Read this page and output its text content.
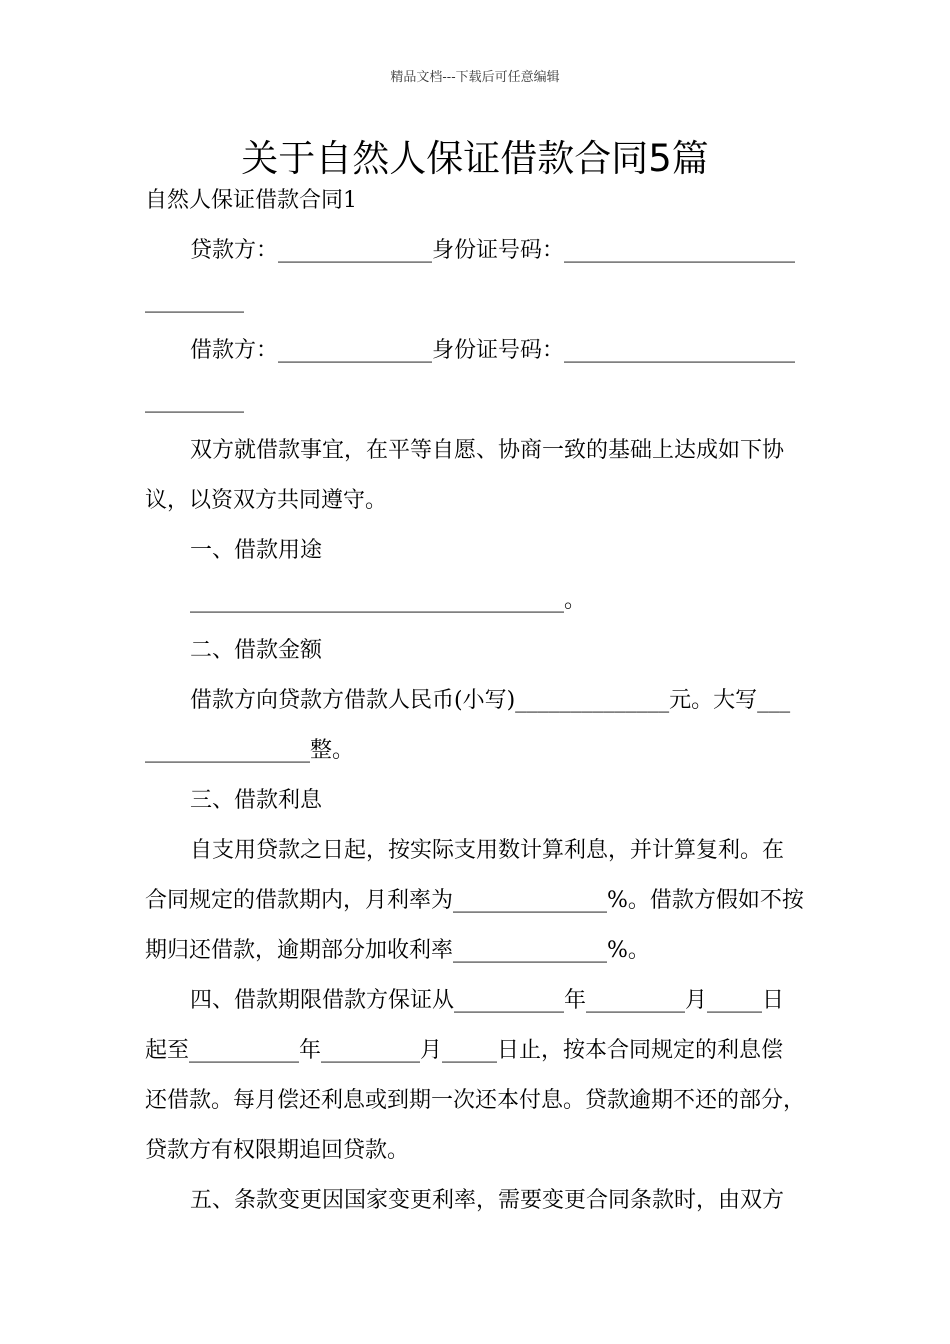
精品文档---下载后可任意编辑
关于自然人保证借款合同5篇
自然人保证借款合同1
贷款方：______________身份证号码：_____________________
_________
借款方：______________身份证号码：_____________________
_________
双方就借款事宜，在平等自愿、协商一致的基础上达成如下协
议，以资双方共同遵守。
一、借款用途
__________________________________。
二、借款金额
借款方向贷款方借款人民币(小写)______________元。大写___
_______________整。
三、借款利息
自支用贷款之日起，按实际支用数计算利息，并计算复利。在
合同规定的借款期内，月利率为______________%。借款方假如不按
期归还借款，逾期部分加收利率______________%。
四、借款期限借款方保证从__________年_________月_____日
起至__________年_________月_____日止，按本合同规定的利息偿
还借款。每月偿还利息或到期一次还本付息。贷款逾期不还的部分，
贷款方有权限期追回贷款。
五、条款变更因国家变更利率，需要变更合同条款时，由双方
